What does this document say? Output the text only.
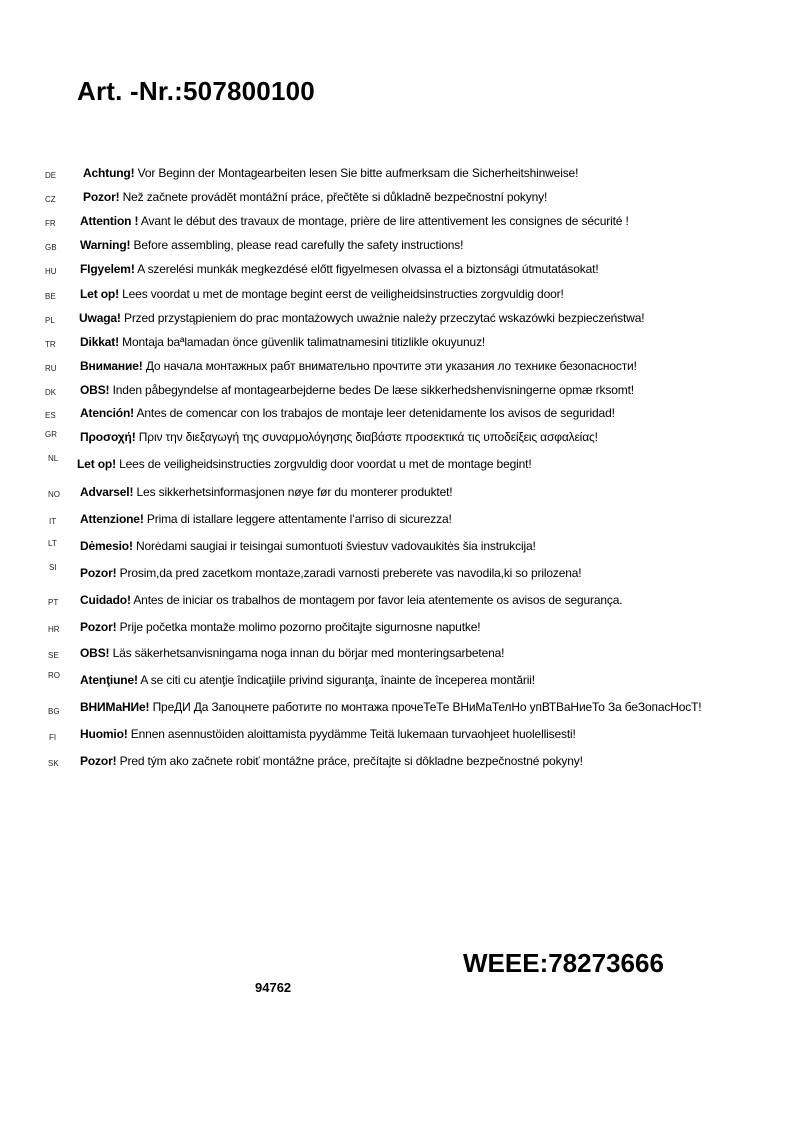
Art. -Nr.:507800100
DE	Achtung! Vor Beginn der Montagearbeiten lesen Sie bitte aufmerksam die Sicherheitshinweise!
CZ	Pozor! Než začnete provádět montážní práce, přečtěte si důkladně bezpečnostní pokyny!
FR	Attention ! Avant le début des travaux de montage, prière de lire attentivement les consignes de sécurité !
GB	Warning! Before assembling, please read carefully the safety instructions!
HU	FIgyelem! A szerelési munkák megkezdésé előtt figyelmesen olvassa el a biztonsági útmutatásokat!
BE	Let op! Lees voordat u met de montage begint eerst de veiligheidsinstructies zorgvuldig door!
PL	Uwaga! Przed przystąpieniem do prac montażowych uważnie należy przeczytać wskazówki bezpieczeństwa!
TR	Dikkat! Montaja baªlamadan önce güvenlik talimatnamesini titizlikle okuyunuz!
RU	Внимание! До начала монтажных рабт внимательно прочтите эти указания ло технике безопасности!
DK	OBS! Inden påbegyndelse af montagearbejderne bedes De læse sikkerhedshenvisningerne opmæ rksomt!
ES	Atención! Antes de comencar con los trabajos de montaje leer detenidamente los avisos de seguridad!
GR	Προσοχή! Πριν την διεξαγωγή της συναρμολόγησης διαβάστε προσεκτικά τις υποδείξεις ασφαλείας!
NL	Let op! Lees de veiligheidsinstructies zorgvuldig door voordat u met de montage begint!
NO	Advarsel! Les sikkerhetsinformasjonen nøye før du monterer produktet!
IT	Attenzione! Prima di istallare leggere attentamente l’arriso di sicurezza!
LT	Dėmesio! Norėdami saugiai ir teisingai sumontuoti šviestuv vadovaukitės šia instrukcija!
SI	Pozor! Prosim,da pred zacetkom montaze,zaradi varnosti preberete vas navodila,ki so prilozena!
PT	Cuidado! Antes de iniciar os trabalhos de montagem por favor leia atentemente os avisos de segurança.
HR	Pozor! Prije početka montaže molimo pozorno pročitajte sigurnosne naputke!
SE	OBS! Läs säkerhetsanvisningama noga innan du börjar med monteringsarbetena!
RO	Atenţiune! A se citi cu atenţie îndicaţiile privind siguranţa, înainte de începerea montării!
BG	ВНИМаНИе! ПреДИ Да Запоцнете работите по монтажа прочеТеТе ВНиМаТелНо упВТВаНиеТо За беЗопасНосТ!
FI	Huomio! Ennen asennustöiden aloittamista pyydämme Teitä lukemaan turvaohjeet huolellisesti!
SK	Pozor! Pred tým ako začnete robiť montážne práce, prečítajte si dôkladne bezpečnostné pokyny!
WEEE:78273666
94762
